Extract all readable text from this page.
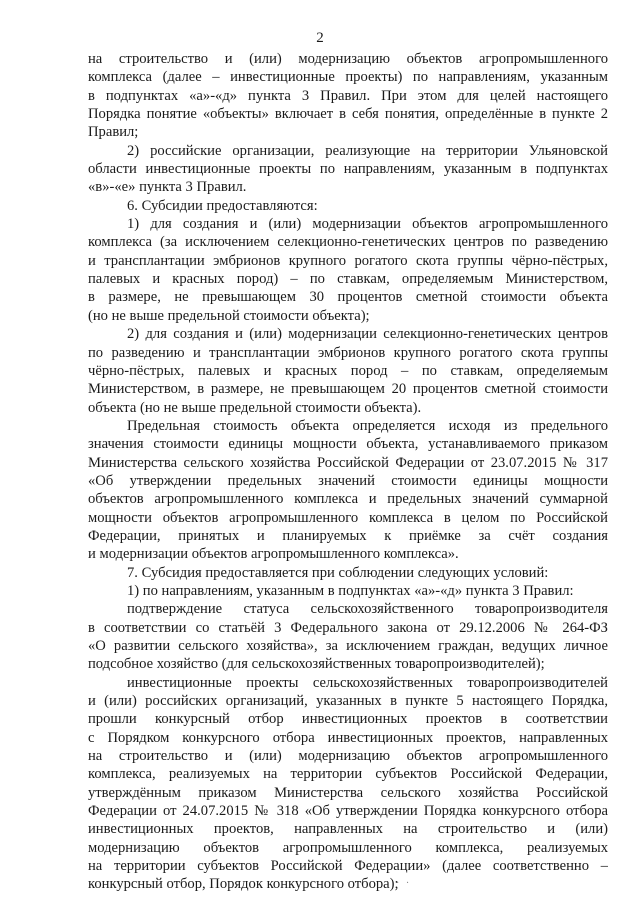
2
на строительство и (или) модернизацию объектов агропромышленного
комплекса (далее – инвестиционные проекты) по направлениям, указанным
в подпунктах «а»-«д» пункта 3 Правил. При этом для целей настоящего
Порядка понятие «объекты» включает в себя понятия, определённые в пункте 2
Правил;
2) российские организации, реализующие на территории Ульяновской
области инвестиционные проекты по направлениям, указанным в подпунктах
«в»-«е» пункта 3 Правил.
6. Субсидии предоставляются:
1) для создания и (или) модернизации объектов агропромышленного
комплекса (за исключением селекционно-генетических центров по разведению
и трансплантации эмбрионов крупного рогатого скота группы чёрно-пёстрых,
палевых и красных пород) – по ставкам, определяемым Министерством,
в размере, не превышающем 30 процентов сметной стоимости объекта
(но не выше предельной стоимости объекта);
2) для создания и (или) модернизации селекционно-генетических центров
по разведению и трансплантации эмбрионов крупного рогатого скота группы
чёрно-пёстрых, палевых и красных пород – по ставкам, определяемым
Министерством, в размере, не превышающем 20 процентов сметной стоимости
объекта (но не выше предельной стоимости объекта).
Предельная стоимость объекта определяется исходя из предельного
значения стоимости единицы мощности объекта, устанавливаемого приказом
Министерства сельского хозяйства Российской Федерации от 23.07.2015 № 317
«Об утверждении предельных значений стоимости единицы мощности
объектов агропромышленного комплекса и предельных значений суммарной
мощности объектов агропромышленного комплекса в целом по Российской
Федерации, принятых и планируемых к приёмке за счёт создания
и модернизации объектов агропромышленного комплекса».
7. Субсидия предоставляется при соблюдении следующих условий:
1) по направлениям, указанным в подпунктах «а»-«д» пункта 3 Правил:
подтверждение статуса сельскохозяйственного товаропроизводителя
в соответствии со статьёй 3 Федерального закона от 29.12.2006 № 264-ФЗ
«О развитии сельского хозяйства», за исключением граждан, ведущих личное
подсобное хозяйство (для сельскохозяйственных товаропроизводителей);
инвестиционные проекты сельскохозяйственных товаропроизводителей
и (или) российских организаций, указанных в пункте 5 настоящего Порядка,
прошли конкурсный отбор инвестиционных проектов в соответствии
с Порядком конкурсного отбора инвестиционных проектов, направленных
на строительство и (или) модернизацию объектов агропромышленного
комплекса, реализуемых на территории субъектов Российской Федерации,
утверждённым приказом Министерства сельского хозяйства Российской
Федерации от 24.07.2015 № 318 «Об утверждении Порядка конкурсного отбора
инвестиционных проектов, направленных на строительство и (или)
модернизацию объектов агропромышленного комплекса, реализуемых
на территории субъектов Российской Федерации» (далее соответственно –
конкурсный отбор, Порядок конкурсного отбора);
· ·
